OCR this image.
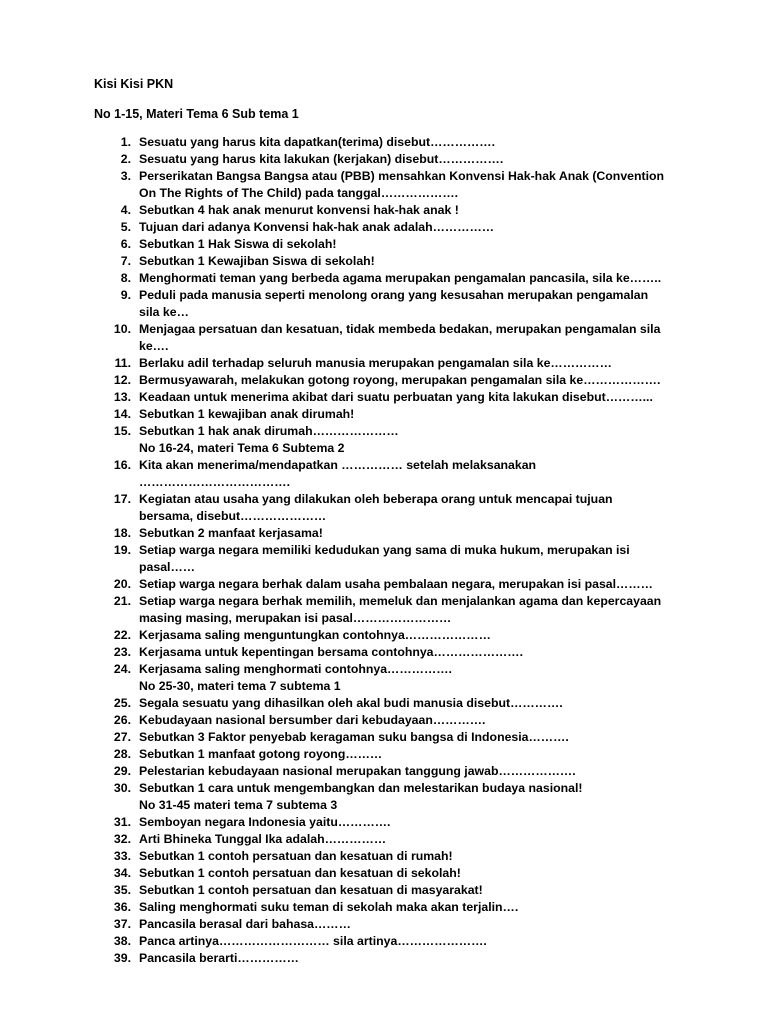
Kisi Kisi PKN
No 1-15, Materi Tema 6 Sub tema 1
1. Sesuatu yang harus kita dapatkan(terima) disebut…………….
2. Sesuatu yang harus kita lakukan (kerjakan) disebut…………….
3. Perserikatan Bangsa Bangsa atau (PBB) mensahkan Konvensi Hak-hak Anak (Convention On The Rights of The Child) pada tanggal……………….
4. Sebutkan 4 hak anak menurut konvensi hak-hak anak !
5. Tujuan dari adanya Konvensi hak-hak anak adalah……………
6. Sebutkan 1 Hak Siswa di sekolah!
7. Sebutkan 1 Kewajiban Siswa di sekolah!
8. Menghormati teman yang berbeda agama merupakan pengamalan pancasila, sila ke……..
9. Peduli pada manusia seperti menolong orang yang kesusahan merupakan pengamalan sila ke…
10. Menjagaa persatuan dan kesatuan, tidak membeda bedakan, merupakan pengamalan sila ke….
11. Berlaku adil terhadap seluruh manusia merupakan pengamalan sila ke……………
12. Bermusyawarah, melakukan gotong royong, merupakan pengamalan sila ke……………….
13. Keadaan untuk menerima akibat dari suatu perbuatan yang kita lakukan disebut………...
14. Sebutkan 1 kewajiban anak dirumah!
15. Sebutkan 1 hak anak dirumah…………………
No 16-24, materi Tema 6 Subtema 2
16. Kita akan menerima/mendapatkan …………… setelah melaksanakan ……………………………….
17. Kegiatan atau usaha yang dilakukan oleh beberapa orang untuk mencapai tujuan bersama, disebut…………………
18. Sebutkan 2 manfaat kerjasama!
19. Setiap warga negara memiliki kedudukan yang sama di muka hukum, merupakan isi pasal……
20. Setiap warga negara berhak dalam usaha pembalaan negara, merupakan isi pasal………
21. Setiap warga negara berhak memilih, memeluk dan menjalankan agama dan kepercayaan masing masing, merupakan isi pasal……………………
22. Kerjasama saling menguntungkan contohnya…………………
23. Kerjasama untuk kepentingan bersama contohnya………………….
24. Kerjasama saling menghormati contohnya…………….
No 25-30, materi tema 7 subtema 1
25. Segala sesuatu yang dihasilkan oleh akal budi manusia disebut………….
26. Kebudayaan nasional bersumber dari kebudayaan………….
27. Sebutkan 3 Faktor penyebab keragaman suku bangsa di Indonesia……….
28. Sebutkan 1 manfaat gotong royong………
29. Pelestarian kebudayaan nasional merupakan tanggung jawab……………….
30. Sebutkan 1 cara untuk mengembangkan dan melestarikan budaya nasional!
No 31-45 materi tema 7 subtema 3
31. Semboyan negara Indonesia yaitu………….
32. Arti Bhineka Tunggal Ika adalah……………
33. Sebutkan 1 contoh persatuan dan kesatuan di rumah!
34. Sebutkan 1 contoh persatuan dan kesatuan di sekolah!
35. Sebutkan 1 contoh persatuan dan kesatuan di masyarakat!
36. Saling menghormati suku teman di sekolah maka akan terjalin….
37. Pancasila berasal dari bahasa………
38. Panca artinya……………………… sila artinya………………….
39. Pancasila berarti……………
